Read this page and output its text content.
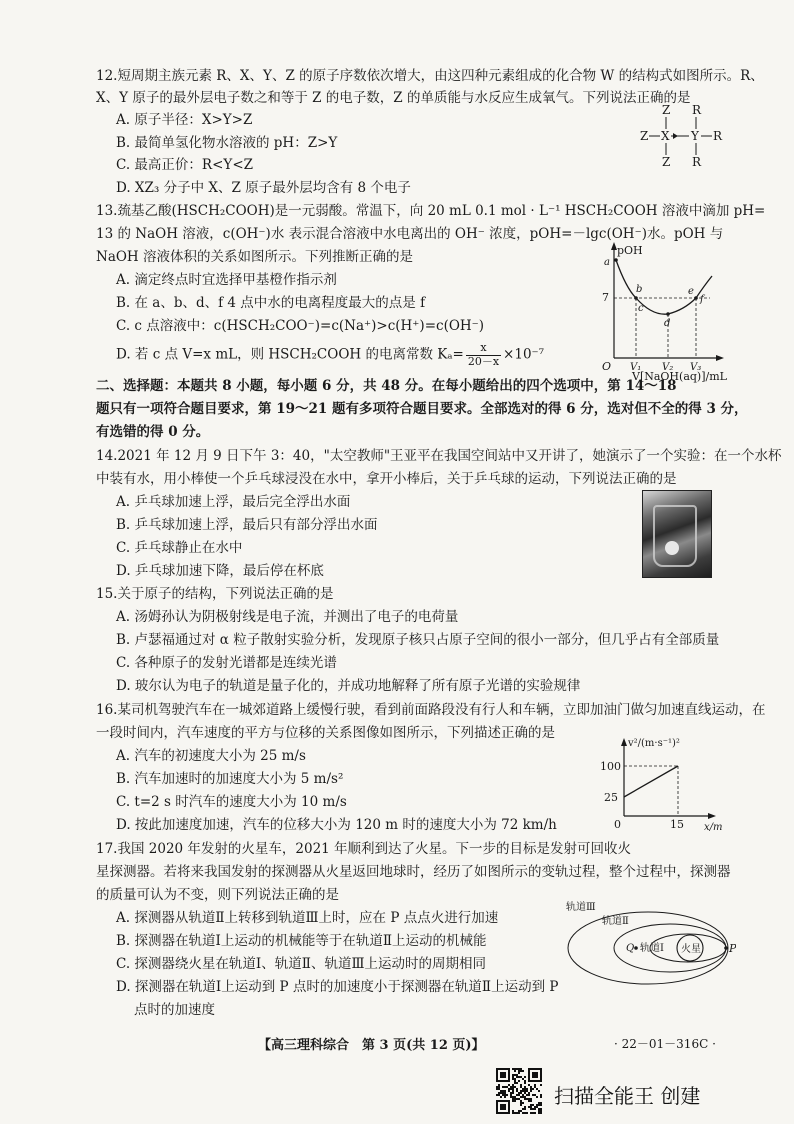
12.短周期主族元素 R、X、Y、Z 的原子序数依次增大，由这四种元素组成的化合物 W 的结构式如图所示。R、
X、Y 原子的最外层电子数之和等于 Z 的电子数，Z 的单质能与水反应生成氧气。下列说法正确的是
A. 原子半径：X>Y>Z
B. 最简单氢化物水溶液的 pH：Z>Y
C. 最高正价：R<Y<Z
D. XZ₃ 分子中 X、Z 原子最外层均含有 8 个电子
Z R
Z X Y R
Z R
13.巯基乙酸(HSCH₂COOH)是一元弱酸。常温下，向 20 mL 0.1 mol · L⁻¹ HSCH₂COOH 溶液中滴加 pH=
13 的 NaOH 溶液，c(OH⁻)水 表示混合溶液中水电离出的 OH⁻ 浓度，pOH=－lgc(OH⁻)水。pOH 与
NaOH 溶液体积的关系如图所示。下列推断正确的是
A. 滴定终点时宜选择甲基橙作指示剂
B. 在 a、b、d、f 4 点中水的电离程度最大的点是 f
C. c 点溶液中：c(HSCH₂COO⁻)=c(Na⁺)>c(H⁺)=c(OH⁻)
D. 若 c 点 V=x mL，则 HSCH₂COOH 的电离常数 $K_a= \frac{x}{20-x} \times 10^{-7}$
pOH
O
7
a
b
c
d
e
f
V₁ V₂ V₃
V[NaOH(aq)]/mL
二、选择题：本题共 8 小题，每小题 6 分，共 48 分。在每小题给出的四个选项中，第 14～18
题只有一项符合题目要求，第 19～21 题有多项符合题目要求。全部选对的得 6 分，选对但不全的得 3 分，
有选错的得 0 分。
14.2021 年 12 月 9 日下午 3：40，"太空教师"王亚平在我国空间站中又开讲了，她演示了一个实验：在一个水杯
中装有水，用小棒使一个乒乓球浸没在水中，拿开小棒后，关于乒乓球的运动，下列说法正确的是
A. 乒乓球加速上浮，最后完全浮出水面
B. 乒乓球加速上浮，最后只有部分浮出水面
C. 乒乓球静止在水中
D. 乒乓球加速下降，最后停在杯底
15.关于原子的结构，下列说法正确的是
A. 汤姆孙认为阴极射线是电子流，并测出了电子的电荷量
B. 卢瑟福通过对 α 粒子散射实验分析，发现原子核只占原子空间的很小一部分，但几乎占有全部质量
C. 各种原子的发射光谱都是连续光谱
D. 玻尔认为电子的轨道是量子化的，并成功地解释了所有原子光谱的实验规律
16.某司机驾驶汽车在一城郊道路上缓慢行驶，看到前面路段没有行人和车辆，立即加油门做匀加速直线运动，在
一段时间内，汽车速度的平方与位移的关系图像如图所示，下列描述正确的是
A. 汽车的初速度大小为 25 m/s
B. 汽车加速时的加速度大小为 5 m/s²
C. t=2 s 时汽车的速度大小为 10 m/s
D. 按此加速度加速，汽车的位移大小为 120 m 时的速度大小为 72 km/h
v²/(m·s⁻¹)²
0
100
25
15 x/m
17.我国 2020 年发射的火星车，2021 年顺利到达了火星。下一步的目标是发射可回收火
星探测器。若将来我国发射的探测器从火星返回地球时，经历了如图所示的变轨过程，整个过程中，探测器
的质量可认为不变，则下列说法正确的是
A. 探测器从轨道Ⅱ上转移到轨道Ⅲ上时，应在 P 点点火进行加速
B. 探测器在轨道Ⅰ上运动的机械能等于在轨道Ⅱ上运动的机械能
C. 探测器绕火星在轨道Ⅰ、轨道Ⅱ、轨道Ⅲ上运动时的周期相同
D. 探测器在轨道Ⅰ上运动到 P 点时的加速度小于探测器在轨道Ⅱ上运动到 P
点时的加速度
火星
轨道Ⅲ
轨道Ⅱ
轨道Ⅰ
Q	P
【高三理科综合　第 3 页(共 12 页)】	· 22－01－316C ·
扫描全能王 创建
